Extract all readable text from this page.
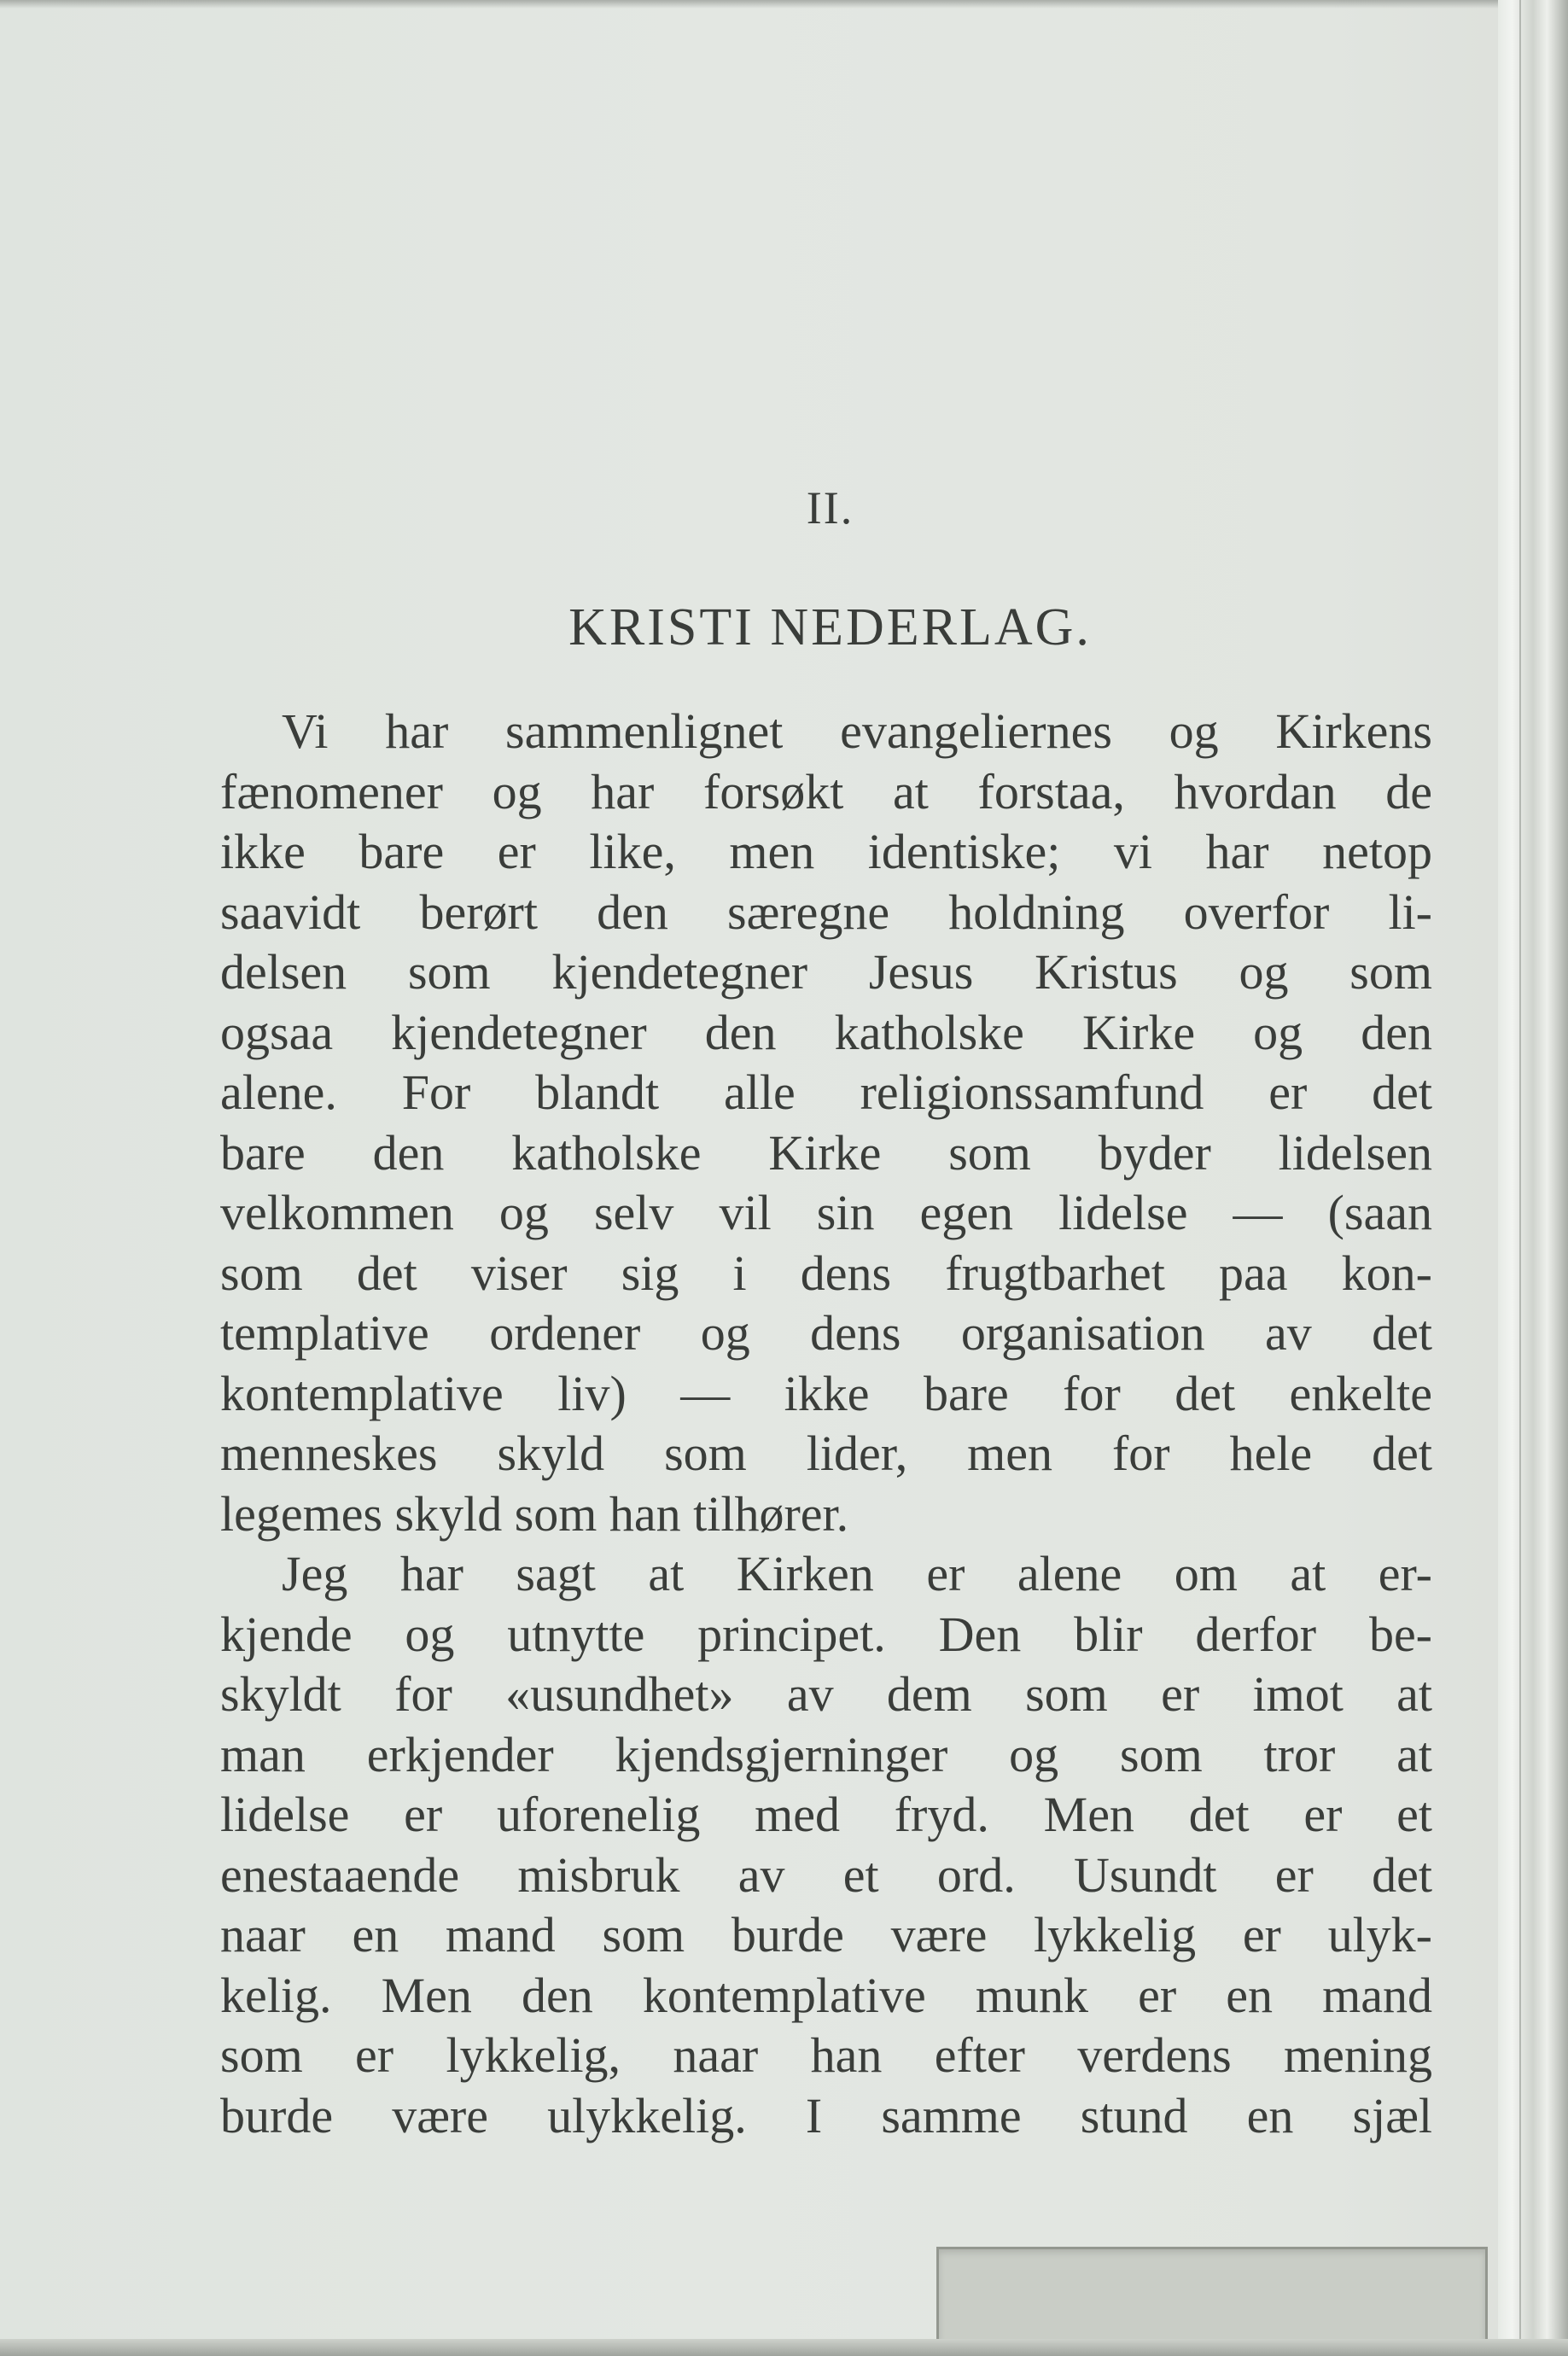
II.
KRISTI NEDERLAG.
Vi har sammenlignet evangeliernes og Kirkens
fænomener og har forsøkt at forstaa, hvordan de
ikke bare er like, men identiske; vi har netop
saavidt berørt den særegne holdning overfor li-
delsen som kjendetegner Jesus Kristus og som
ogsaa kjendetegner den katholske Kirke og den
alene. For blandt alle religionssamfund er det
bare den katholske Kirke som byder lidelsen
velkommen og selv vil sin egen lidelse — (saan
som det viser sig i dens frugtbarhet paa kon-
templative ordener og dens organisation av det
kontemplative liv) — ikke bare for det enkelte
menneskes skyld som lider, men for hele det
legemes skyld som han tilhører.
Jeg har sagt at Kirken er alene om at er-
kjende og utnytte principet. Den blir derfor be-
skyldt for «usundhet» av dem som er imot at
man erkjender kjendsgjerninger og som tror at
lidelse er uforenelig med fryd. Men det er et
enestaaende misbruk av et ord. Usundt er det
naar en mand som burde være lykkelig er ulyk-
kelig. Men den kontemplative munk er en mand
som er lykkelig, naar han efter verdens mening
burde være ulykkelig. I samme stund en sjæl
